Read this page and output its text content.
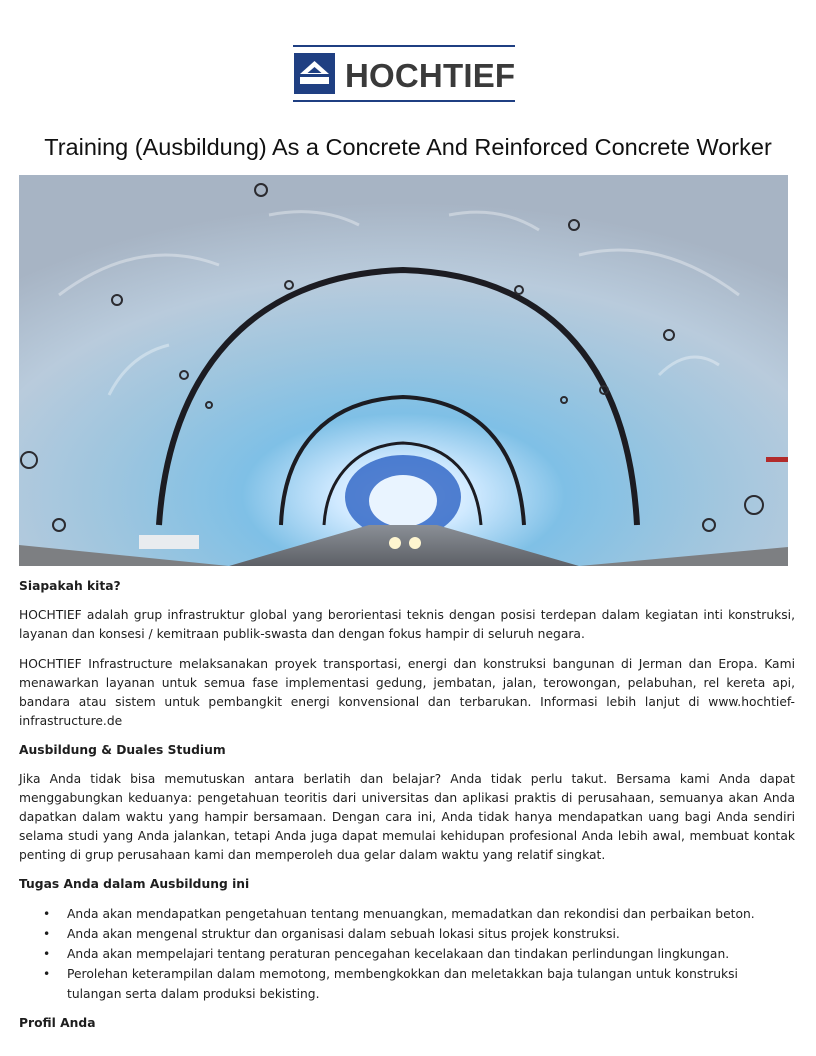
HOCHTIEF
Training (Ausbildung) As a Concrete And Reinforced Concrete Worker
Siapakah kita?

HOCHTIEF adalah grup infrastruktur global yang berorientasi teknis dengan posisi terdepan dalam kegiatan inti konstruksi, layanan dan konsesi / kemitraan publik-swasta dan dengan fokus hampir di seluruh negara.

HOCHTIEF Infrastructure melaksanakan proyek transportasi, energi dan konstruksi bangunan di Jerman dan Eropa. Kami menawarkan layanan untuk semua fase implementasi gedung, jembatan, jalan, terowongan, pelabuhan, rel kereta api, bandara atau sistem untuk pembangkit energi konvensional dan terbarukan. Informasi lebih lanjut di www.hochtief-infrastructure.de

Ausbildung & Duales Studium

Jika Anda tidak bisa memutuskan antara berlatih dan belajar? Anda tidak perlu takut. Bersama kami Anda dapat menggabungkan keduanya: pengetahuan teoritis dari universitas dan aplikasi praktis di perusahaan, semuanya akan Anda dapatkan dalam waktu yang hampir bersamaan. Dengan cara ini, Anda tidak hanya mendapatkan uang bagi Anda sendiri selama studi yang Anda jalankan, tetapi Anda juga dapat memulai kehidupan profesional Anda lebih awal, membuat kontak penting di grup perusahaan kami dan memperoleh dua gelar dalam waktu yang relatif singkat.

Tugas Anda dalam Ausbildung ini
• Anda akan mendapatkan pengetahuan tentang menuangkan, memadatkan dan rekondisi dan perbaikan beton.
• Anda akan mengenal struktur dan organisasi dalam sebuah lokasi situs projek konstruksi.
• Anda akan mempelajari tentang peraturan pencegahan kecelakaan dan tindakan perlindungan lingkungan.
• Perolehan keterampilan dalam memotong, membengkokkan dan meletakkan baja tulangan untuk konstruksi tulangan serta dalam produksi bekisting.
Profil Anda
